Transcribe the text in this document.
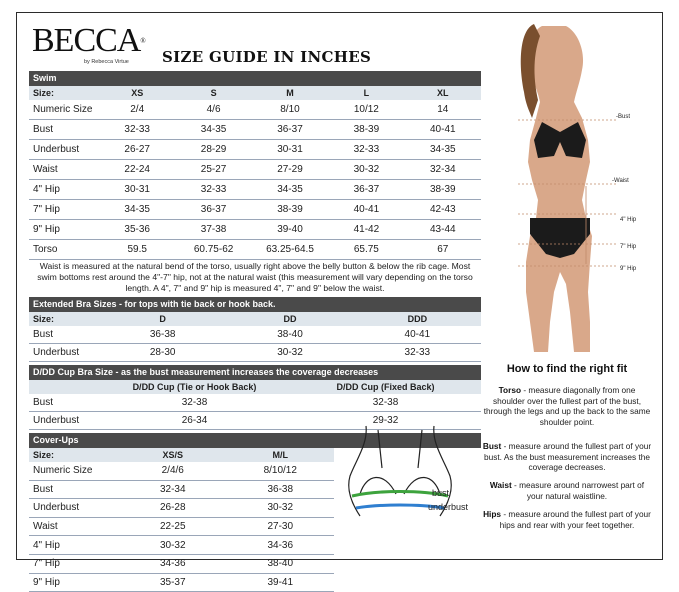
BECCA®
by Rebecca Virtue SIZE GUIDE IN INCHES
Swim
Size:	XS	S	M	L	XL
Numeric Size	2/4	4/6	8/10	10/12	14
Bust	32-33	34-35	36-37	38-39	40-41
Underbust	26-27	28-29	30-31	32-33	34-35
Waist	22-24	25-27	27-29	30-32	32-34
4" Hip	30-31	32-33	34-35	36-37	38-39
7" Hip	34-35	36-37	38-39	40-41	42-43
9" Hip	35-36	37-38	39-40	41-42	43-44
Torso	59.5	60.75-62	63.25-64.5	65.75	67
Waist is measured at the natural bend of the torso, usually right above the belly button & below the rib cage. Most swim bottoms rest around the 4"-7" hip, not at the natural waist (this measurement will vary depending on the torso length. A 4", 7" and 9" hip is measured 4", 7" and 9" below the waist.
Extended Bra Sizes - for tops with tie back or hook back.
Size:	D	DD	DDD
Bust	36-38	38-40	40-41
Underbust	28-30	30-32	32-33
D/DD Cup Bra Size - as the bust measurement increases the coverage decreases
	D/DD Cup (Tie or Hook Back)	D/DD Cup (Fixed Back)
Bust	32-38	32-38
Underbust	26-34	29-32
Cover-Ups
Size:	XS/S	M/L
Numeric Size	2/4/6	8/10/12
Bust	32-34	36-38
Underbust	26-28	30-32
Waist	22-25	27-30
4" Hip	30-32	34-36
7" Hip	34-36	38-40
9" Hip	35-37	39-41
-Bust
-Waist
4" Hip
7" Hip
9" Hip
4"
7"
9"
How to find the right fit
Torso - measure diagonally from one shoulder over the fullest part of the bust, through the legs and up the back to the same shoulder point.
Bust - measure around the fullest part of your bust. As the bust measurement increases the coverage decreases.
Waist - measure around narrowest part of your natural waistline.
Hips - measure around the fullest part of your hips and rear with your feet together.
bust
underbust
